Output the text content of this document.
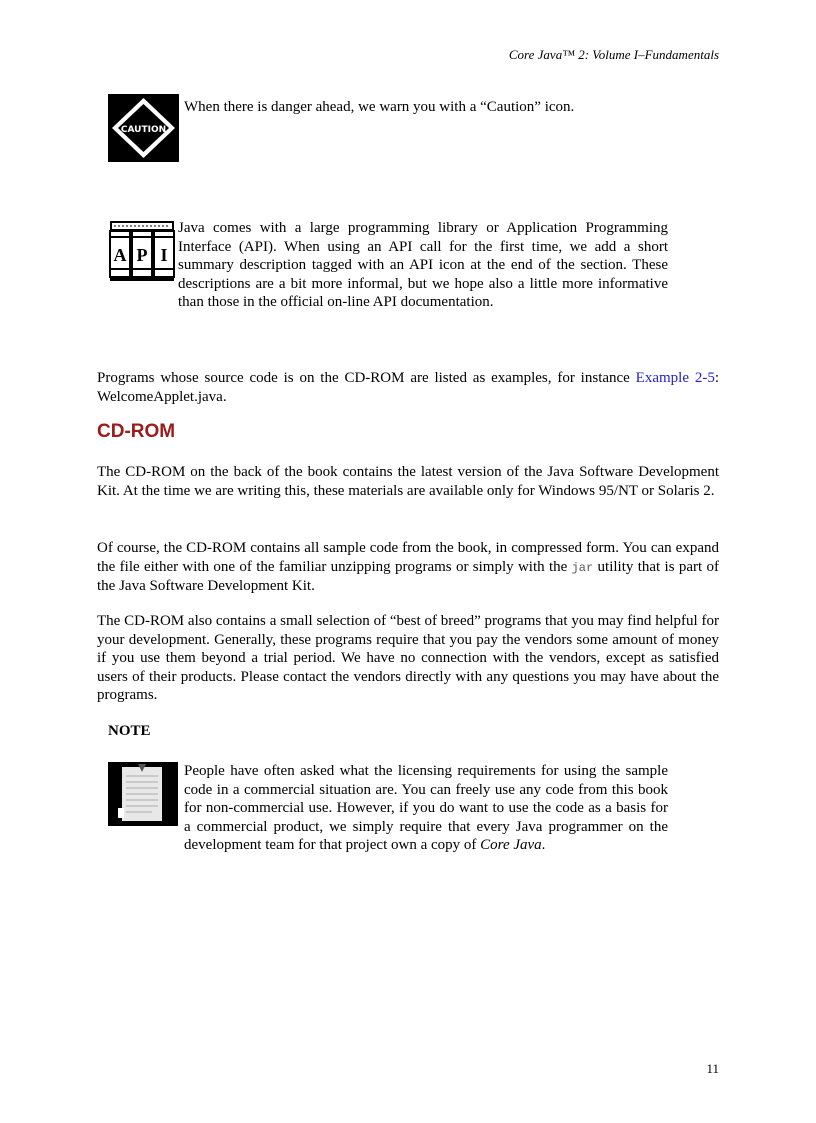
Core Java™ 2: Volume I–Fundamentals
CAUTION
When there is danger ahead, we warn you with a “Caution” icon.
A P I
Java comes with a large programming library or Application Programming Interface (API). When using an API call for the first time, we add a short summary description tagged with an API icon at the end of the section. These descriptions are a bit more informal, but we hope also a little more informative than those in the official on-line API documentation.
Programs whose source code is on the CD-ROM are listed as examples, for instance Example 2-5: WelcomeApplet.java.
CD-ROM
The CD-ROM on the back of the book contains the latest version of the Java Software Development Kit. At the time we are writing this, these materials are available only for Windows 95/NT or Solaris 2.
Of course, the CD-ROM contains all sample code from the book, in compressed form. You can expand the file either with one of the familiar unzipping programs or simply with the jar utility that is part of the Java Software Development Kit.
The CD-ROM also contains a small selection of “best of breed” programs that you may find helpful for your development. Generally, these programs require that you pay the vendors some amount of money if you use them beyond a trial period. We have no connection with the vendors, except as satisfied users of their products. Please contact the vendors directly with any questions you may have about the programs.
NOTE
People have often asked what the licensing requirements for using the sample code in a commercial situation are. You can freely use any code from this book for non-commercial use. However, if you do want to use the code as a basis for a commercial product, we simply require that every Java programmer on the development team for that project own a copy of Core Java.
11
